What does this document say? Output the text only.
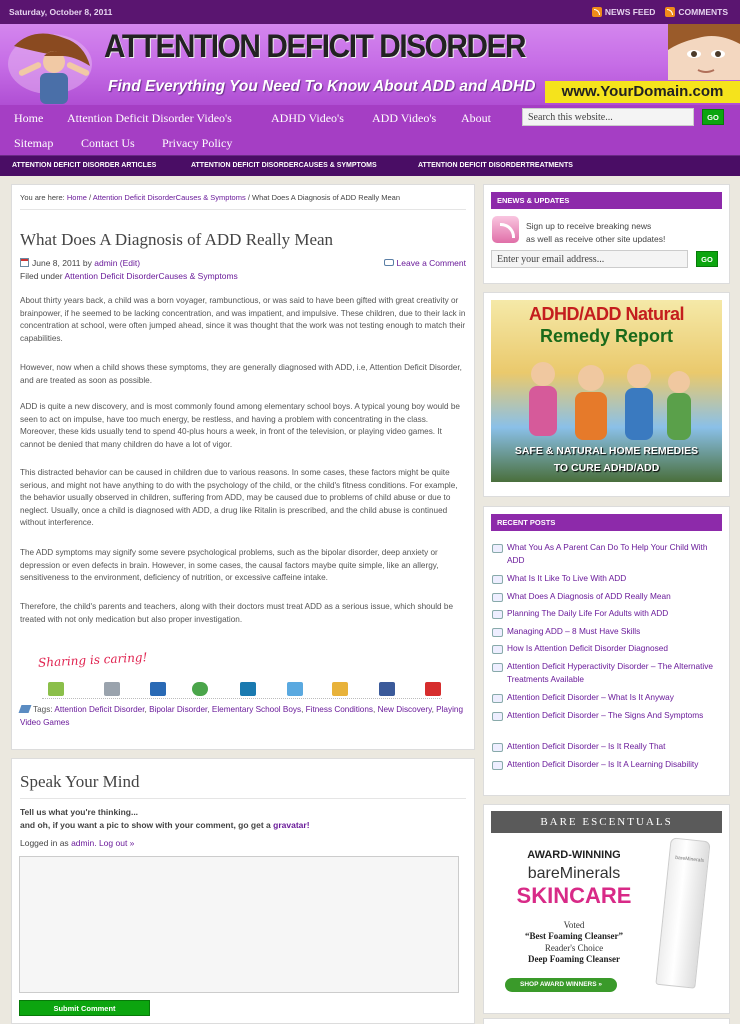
Saturday, October 8, 2011	NEWS FEED	COMMENTS
ATTENTION DEFICIT DISORDER
Find Everything You Need To Know About ADD and ADHD	www.YourDomain.com
Home Attention Deficit Disorder Video's	ADHD Video's ADD Video's About	Search this website...	GO
Sitemap Contact Us Privacy Policy
ATTENTION DEFICIT DISORDER ARTICLES	ATTENTION DEFICIT DISORDERCAUSES & SYMPTOMS	ATTENTION DEFICIT DISORDERTREATMENTS
You are here: Home / Attention Deficit DisorderCauses & Symptoms / What Does A Diagnosis of ADD Really Mean
What Does A Diagnosis of ADD Really Mean
June 8, 2011 by admin (Edit)	Leave a Comment
Filed under Attention Deficit DisorderCauses & Symptoms

About thirty years back, a child was a born voyager, rambunctious, or was said to have been gifted with great creativity or brainpower, if he seemed to be lacking concentration, and was impatient, and impulsive. These children, due to their lack in concentration at school, were often jumped ahead, since it was thought that the work was not testing enough to match their capabilities.

However, now when a child shows these symptoms, they are generally diagnosed with ADD, i.e, Attention Deficit Disorder, and are treated as soon as possible.

ADD is quite a new discovery, and is most commonly found among elementary school boys. A typical young boy would be seen to act on impulse, have too much energy, be restless, and having a problem with concentrating in the class. Moreover, these kids usually tend to spend 40-plus hours a week, in front of the television, or playing video games. It cannot be denied that many children do have a lot of vigor.

This distracted behavior can be caused in children due to various reasons. In some cases, these factors might be quite serious, and might not have anything to do with the psychology of the child, or the child's fitness conditions. For example, the behavior usually observed in children, suffering from ADD, may be caused due to problems of child abuse or due to neglect. Usually, once a child is diagnosed with ADD, a drug like Ritalin is prescribed, and the child abuse is continued without interference.

The ADD symptoms may signify some severe psychological problems, such as the bipolar disorder, deep anxiety or depression or even defects in brain. However, in some cases, the causal factors maybe quite simple, like an allergy, sensitiveness to the environment, deficiency of nutrition, or excessive caffeine intake.

Therefore, the child's parents and teachers, along with their doctors must treat ADD as a serious issue, which should be treated with not only medication but also proper investigation.

Sharing is caring!
Tags: Attention Deficit Disorder, Bipolar Disorder, Elementary School Boys, Fitness Conditions, New Discovery, Playing Video Games
Speak Your Mind
Tell us what you're thinking...
and oh, if you want a pic to show with your comment, go get a gravatar!
Logged in as admin. Log out »
Submit Comment
ENEWS & UPDATES
Sign up to receive breaking news
as well as receive other site updates!
Enter your email address...	GO
ADHD/ADD Natural
Remedy Report
SAFE & NATURAL HOME REMEDIES
TO CURE ADHD/ADD
RECENT POSTS
What You As A Parent Can Do To Help Your Child With ADD
What Is It Like To Live With ADD
What Does A Diagnosis of ADD Really Mean
Planning The Daily Life For Adults with ADD
Managing ADD – 8 Must Have Skills
How Is Attention Deficit Disorder Diagnosed
Attention Deficit Hyperactivity Disorder – The Alternative Treatments Available
Attention Deficit Disorder – What Is It Anyway
Attention Deficit Disorder – The Signs And Symptoms
Attention Deficit Disorder – Is It Really That
Attention Deficit Disorder – Is It A Learning Disability
BARE ESCENTUALS
AWARD-WINNING
bareMinerals
SKINCARE
Voted
“Best Foaming Cleanser”
Reader's Choice
Deep Foaming Cleanser
SHOP AWARD WINNERS »
bareMinerals
